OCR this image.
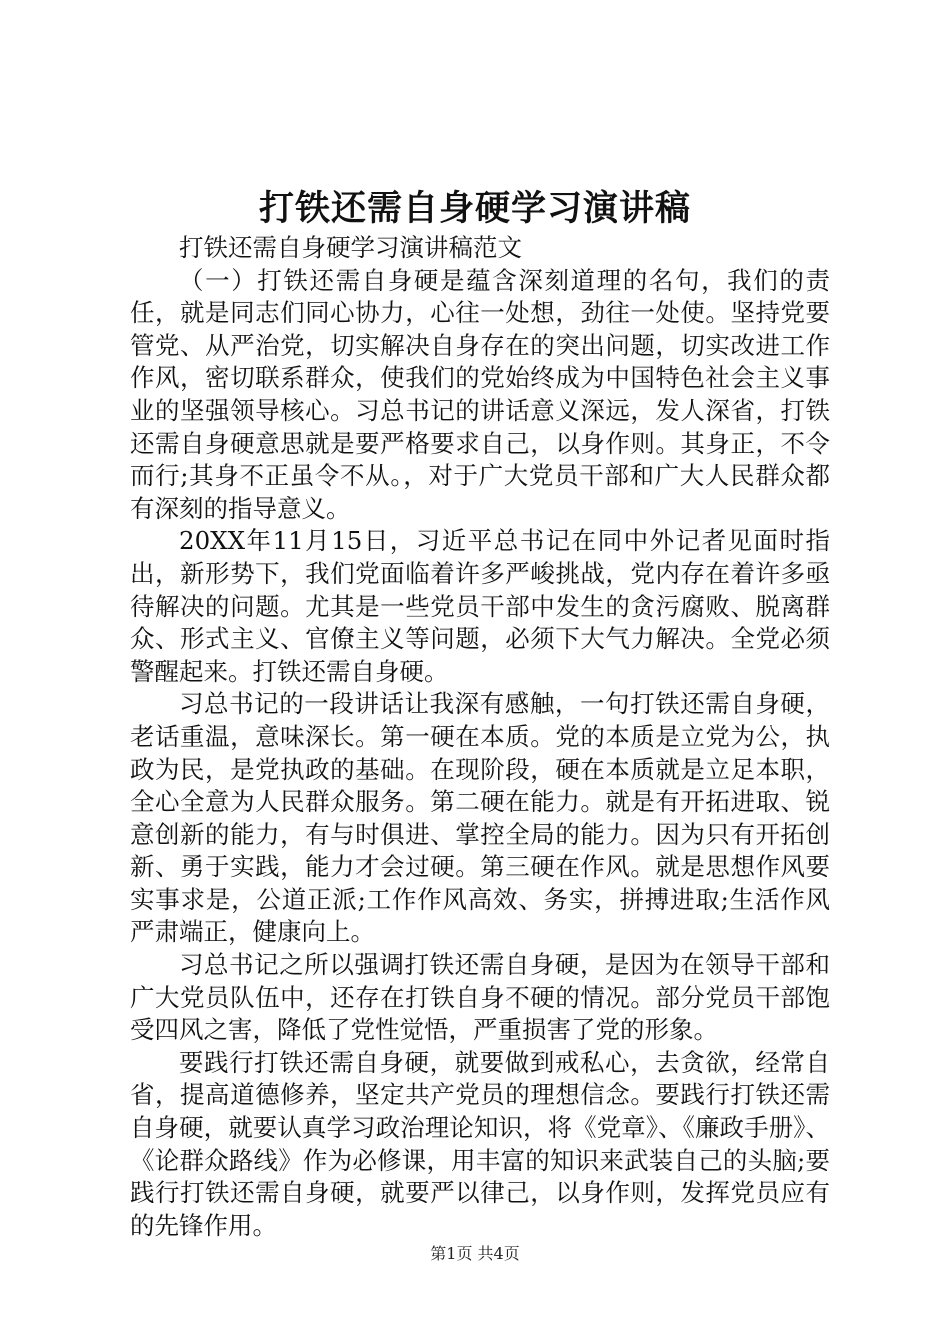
打铁还需自身硬学习演讲稿

打铁还需自身硬学习演讲稿范文

（一）打铁还需自身硬是蕴含深刻道理的名句，我们的责任，就是同志们同心协力，心往一处想，劲往一处使。坚持党要管党、从严治党，切实解决自身存在的突出问题，切实改进工作作风，密切联系群众，使我们的党始终成为中国特色社会主义事业的坚强领导核心。习总书记的讲话意义深远，发人深省，打铁还需自身硬意思就是要严格要求自己，以身作则。其身正，不令而行;其身不正虽令不从。，对于广大党员干部和广大人民群众都有深刻的指导意义。

20XX年11月15日，习近平总书记在同中外记者见面时指出，新形势下，我们党面临着许多严峻挑战，党内存在着许多亟待解决的问题。尤其是一些党员干部中发生的贪污腐败、脱离群众、形式主义、官僚主义等问题，必须下大气力解决。全党必须警醒起来。打铁还需自身硬。

习总书记的一段讲话让我深有感触，一句打铁还需自身硬，老话重温，意味深长。第一硬在本质。党的本质是立党为公，执政为民，是党执政的基础。在现阶段，硬在本质就是立足本职，全心全意为人民群众服务。第二硬在能力。就是有开拓进取、锐意创新的能力，有与时俱进、掌控全局的能力。因为只有开拓创新、勇于实践，能力才会过硬。第三硬在作风。就是思想作风要实事求是，公道正派;工作作风高效、务实，拼搏进取;生活作风严肃端正，健康向上。

习总书记之所以强调打铁还需自身硬，是因为在领导干部和广大党员队伍中，还存在打铁自身不硬的情况。部分党员干部饱受四风之害，降低了党性觉悟，严重损害了党的形象。

要践行打铁还需自身硬，就要做到戒私心，去贪欲，经常自省，提高道德修养，坚定共产党员的理想信念。要践行打铁还需自身硬，就要认真学习政治理论知识，将《党章》、《廉政手册》、《论群众路线》作为必修课，用丰富的知识来武装自己的头脑;要践行打铁还需自身硬，就要严以律己，以身作则，发挥党员应有的先锋作用。

第1页 共4页
